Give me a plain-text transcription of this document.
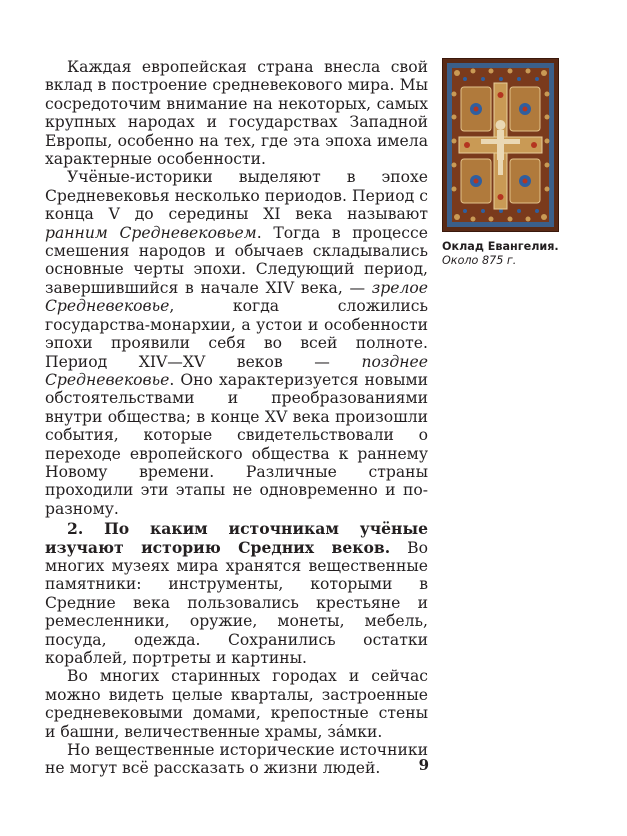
Каждая европейская страна внесла свой вклад в построение средневекового мира. Мы сосредоточим внимание на некоторых, самых крупных народах и государствах Западной Европы, особенно на тех, где эта эпоха имела характерные особенности.

Учёные-историки выделяют в эпохе Средневековья несколько периодов. Период с конца V до середины XI века называют ранним Средневековьем. Тогда в процессе смешения народов и обычаев складывались основные черты эпохи. Следующий период, завершившийся в начале XIV века, — зрелое Средневековье, когда сложились государства-монархии, а устои и особенности эпохи проявили себя во всей полноте. Период XIV—XV веков — позднее Средневековье. Оно характеризуется новыми обстоятельствами и преобразованиями внутри общества; в конце XV века произошли события, которые свидетельствовали о переходе европейского общества к раннему Новому времени. Различные страны проходили эти этапы не одновременно и по-разному.

2. По каким источникам учёные изучают историю Средних веков. Во многих музеях мира хранятся вещественные памятники: инструменты, которыми в Средние века пользовались крестьяне и ремесленники, оружие, монеты, мебель, посуда, одежда. Сохранились остатки кораблей, портреты и картины.

Во многих старинных городах и сейчас можно видеть целые кварталы, застроенные средневековыми домами, крепостные стены и башни, величественные храмы, зáмки.

Но вещественные исторические источники не могут всё рассказать о жизни людей.

Оклад Евангелия.
Около 875 г.
9
